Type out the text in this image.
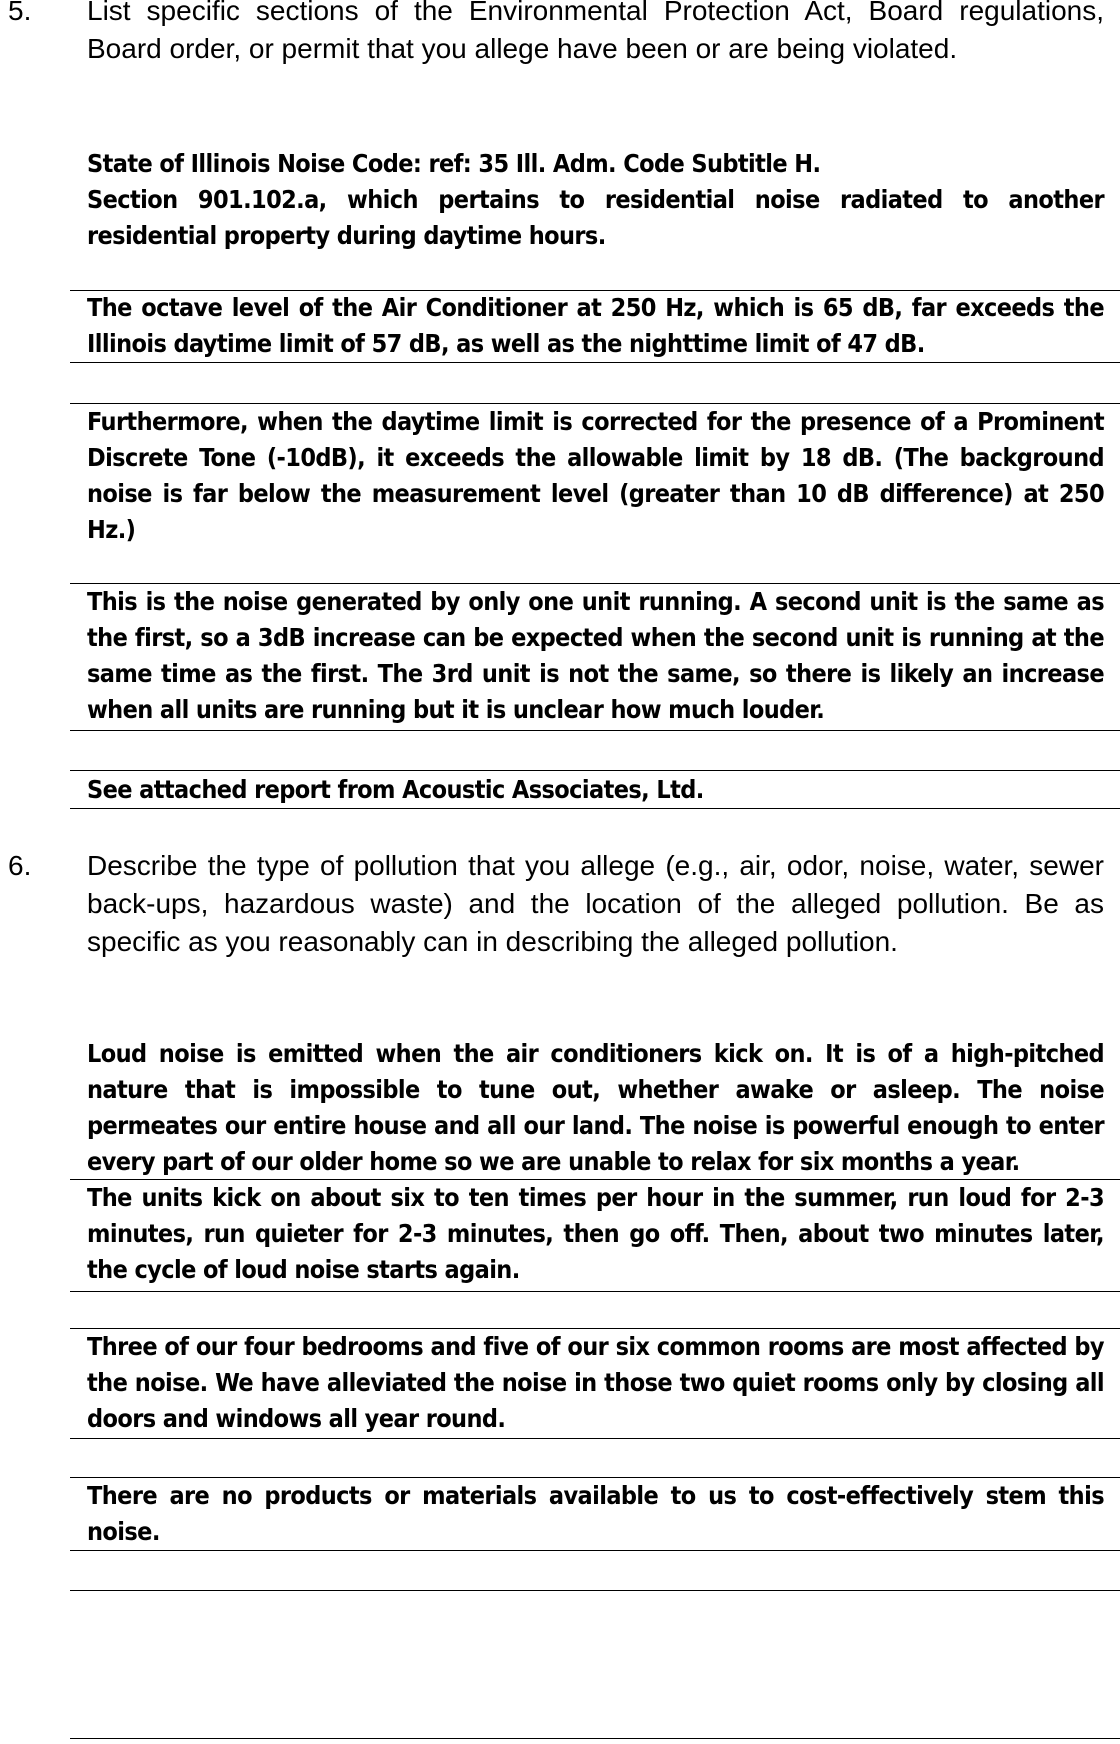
5. List specific sections of the Environmental Protection Act, Board regulations, Board order, or permit that you allege have been or are being violated.
State of Illinois Noise Code: ref: 35 Ill. Adm. Code Subtitle H.
Section 901.102.a, which pertains to residential noise radiated to another residential property during daytime hours.
The octave level of the Air Conditioner at 250 Hz, which is 65 dB, far exceeds the Illinois daytime limit of 57 dB, as well as the nighttime limit of 47 dB.
Furthermore, when the daytime limit is corrected for the presence of a Prominent Discrete Tone (-10dB), it exceeds the allowable limit by 18 dB. (The background noise is far below the measurement level (greater than 10 dB difference) at 250 Hz.)
This is the noise generated by only one unit running. A second unit is the same as the first, so a 3dB increase can be expected when the second unit is running at the same time as the first. The 3rd unit is not the same, so there is likely an increase when all units are running but it is unclear how much louder.
See attached report from Acoustic Associates, Ltd.
6. Describe the type of pollution that you allege (e.g., air, odor, noise, water, sewer back-ups, hazardous waste) and the location of the alleged pollution. Be as specific as you reasonably can in describing the alleged pollution.
Loud noise is emitted when the air conditioners kick on. It is of a high-pitched nature that is impossible to tune out, whether awake or asleep. The noise permeates our entire house and all our land. The noise is powerful enough to enter every part of our older home so we are unable to relax for six months a year.
The units kick on about six to ten times per hour in the summer, run loud for 2-3 minutes, run quieter for 2-3 minutes, then go off. Then, about two minutes later, the cycle of loud noise starts again.
Three of our four bedrooms and five of our six common rooms are most affected by the noise. We have alleviated the noise in those two quiet rooms only by closing all doors and windows all year round.
There are no products or materials available to us to cost-effectively stem this noise.
